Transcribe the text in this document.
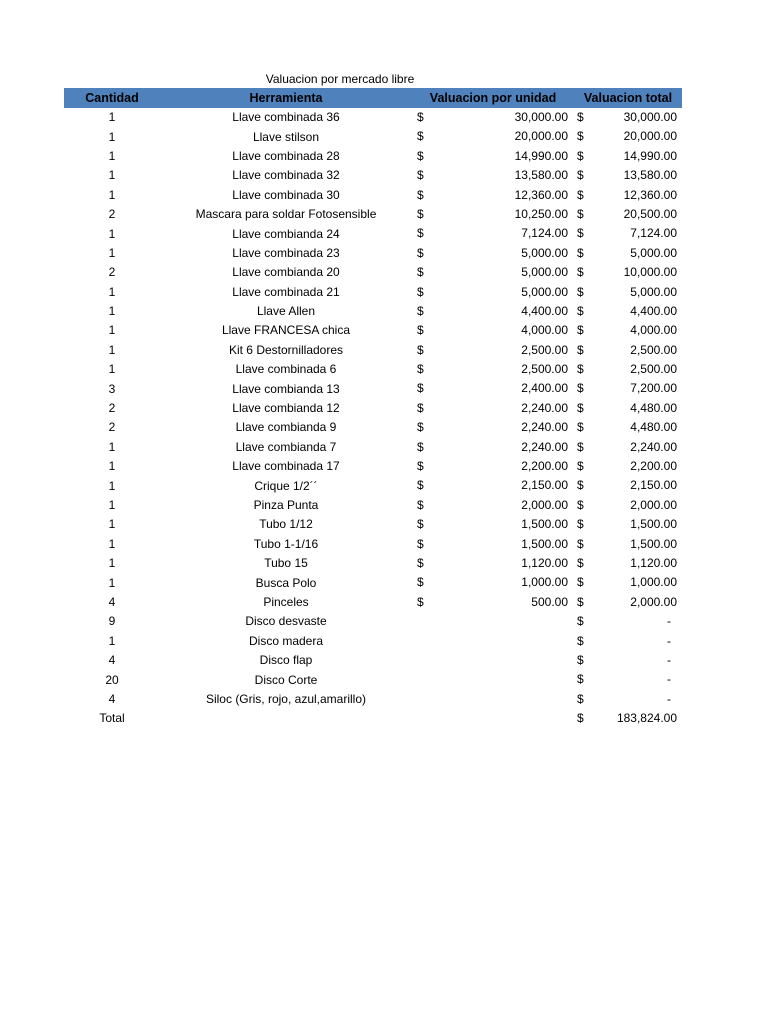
Valuacion por mercado libre
Cantidad	Herramienta	Valuacion por unidad	Valuacion total
1	Llave combinada 36	$ 30,000.00	$ 30,000.00

1	Llave stilson	$ 20,000.00	$ 20,000.00

1	Llave combinada 28	$ 14,990.00	$ 14,990.00

1	Llave combinada 32	$ 13,580.00	$ 13,580.00

1	Llave combinada 30	$ 12,360.00	$ 12,360.00

2	Mascara para soldar Fotosensible	$ 10,250.00	$ 20,500.00

1	Llave combianda 24	$ 7,124.00	$ 7,124.00

1	Llave combinada 23	$ 5,000.00	$ 5,000.00

2	Llave combianda 20	$ 5,000.00	$ 10,000.00

1	Llave combinada 21	$ 5,000.00	$ 5,000.00

1	Llave Allen	$ 4,400.00	$ 4,400.00

1	Llave FRANCESA chica	$ 4,000.00	$ 4,000.00

1	Kit 6 Destornilladores	$ 2,500.00	$ 2,500.00

1	Llave combinada 6	$ 2,500.00	$ 2,500.00

3	Llave combianda 13	$ 2,400.00	$ 7,200.00

2	Llave combianda 12	$ 2,240.00	$ 4,480.00

2	Llave combianda 9	$ 2,240.00	$ 4,480.00

1	Llave combianda 7	$ 2,240.00	$ 2,240.00

1	Llave combinada 17	$ 2,200.00	$ 2,200.00

1	Crique 1/2´´	$ 2,150.00	$ 2,150.00

1	Pinza Punta	$ 2,000.00	$ 2,000.00

1	Tubo 1/12	$ 1,500.00	$ 1,500.00

1	Tubo 1-1/16	$ 1,500.00	$ 1,500.00

1	Tubo 15	$ 1,120.00	$ 1,120.00

1	Busca Polo	$ 1,000.00	$ 1,000.00

4	Pinceles	$ 500.00	$ 2,000.00

9	Disco desvaste		$ -

1	Disco madera		$ -

4	Disco flap		$ -

20	Disco Corte		$ -

4	Siloc (Gris, rojo, azul,amarillo)		$ -

Total			$ 183,824.00
